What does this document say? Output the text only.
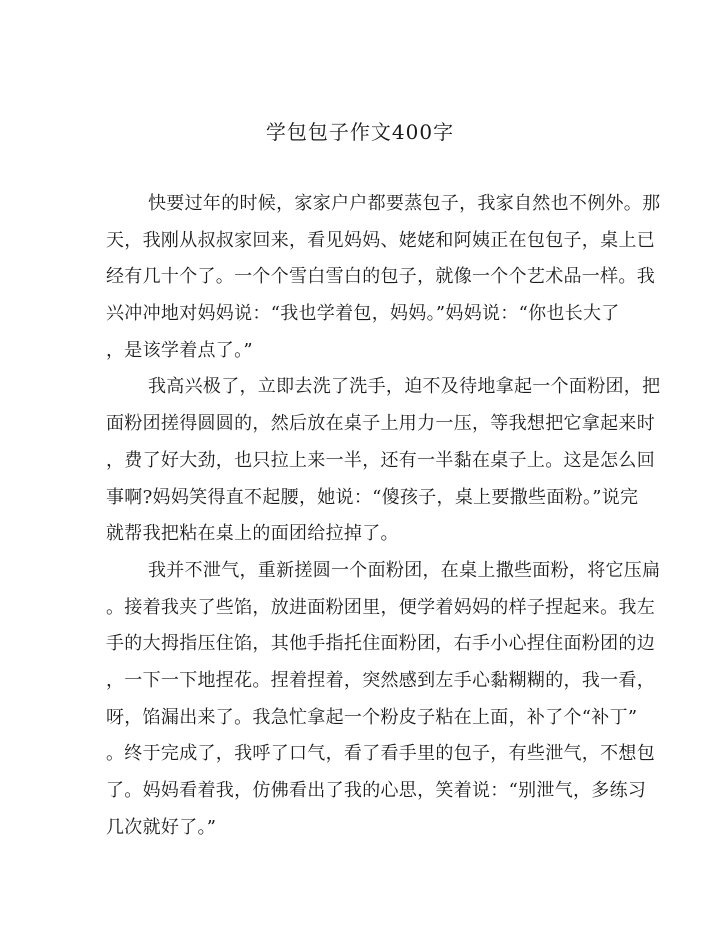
学包包子作文400字
快要过年的时候，家家户户都要蒸包子，我家自然也不例外。那
天，我刚从叔叔家回来，看见妈妈、姥姥和阿姨正在包包子，桌上已
经有几十个了。一个个雪白雪白的包子，就像一个个艺术品一样。我
兴冲冲地对妈妈说：“我也学着包，妈妈。”妈妈说：“你也长大了
，是该学着点了。”
我高兴极了，立即去洗了洗手，迫不及待地拿起一个面粉团，把
面粉团搓得圆圆的，然后放在桌子上用力一压，等我想把它拿起来时
，费了好大劲，也只拉上来一半，还有一半黏在桌子上。这是怎么回
事啊?妈妈笑得直不起腰，她说：“傻孩子，桌上要撒些面粉。”说完
就帮我把粘在桌上的面团给拉掉了。
我并不泄气，重新搓圆一个面粉团，在桌上撒些面粉，将它压扁
。接着我夹了些馅，放进面粉团里，便学着妈妈的样子捏起来。我左
手的大拇指压住馅，其他手指托住面粉团，右手小心捏住面粉团的边
，一下一下地捏花。捏着捏着，突然感到左手心黏糊糊的，我一看，
呀，馅漏出来了。我急忙拿起一个粉皮子粘在上面，补了个“补丁”
。终于完成了，我呼了口气，看了看手里的包子，有些泄气，不想包
了。妈妈看着我，仿佛看出了我的心思，笑着说：“别泄气，多练习
几次就好了。”
